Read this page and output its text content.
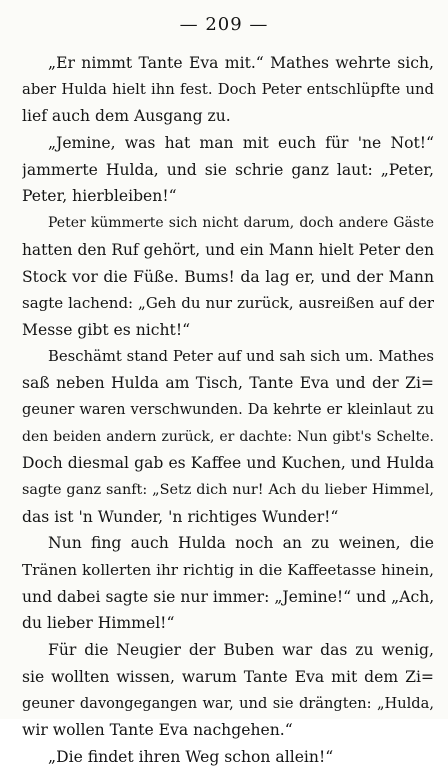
— 209 —
„Er nimmt Tante Eva mit.“ Mathes wehrte sich,
aber Hulda hielt ihn fest. Doch Peter entschlüpfte und
lief auch dem Ausgang zu.
„Jemine, was hat man mit euch für 'ne Not!“
jammerte Hulda, und sie schrie ganz laut: „Peter,
Peter, hierbleiben!“
Peter kümmerte sich nicht darum, doch andere Gäste
hatten den Ruf gehört, und ein Mann hielt Peter den
Stock vor die Füße. Bums! da lag er, und der Mann
sagte lachend: „Geh du nur zurück, ausreißen auf der
Messe gibt es nicht!“
Beschämt stand Peter auf und sah sich um. Mathes
saß neben Hulda am Tisch, Tante Eva und der Zi=
geuner waren verschwunden. Da kehrte er kleinlaut zu
den beiden andern zurück, er dachte: Nun gibt's Schelte.
Doch diesmal gab es Kaffee und Kuchen, und Hulda
sagte ganz sanft: „Setz dich nur! Ach du lieber Himmel,
das ist 'n Wunder, 'n richtiges Wunder!“
Nun fing auch Hulda noch an zu weinen, die
Tränen kollerten ihr richtig in die Kaffeetasse hinein,
und dabei sagte sie nur immer: „Jemine!“ und „Ach,
du lieber Himmel!“
Für die Neugier der Buben war das zu wenig,
sie wollten wissen, warum Tante Eva mit dem Zi=
geuner davongegangen war, und sie drängten: „Hulda,
wir wollen Tante Eva nachgehen.“
„Die findet ihren Weg schon allein!“
